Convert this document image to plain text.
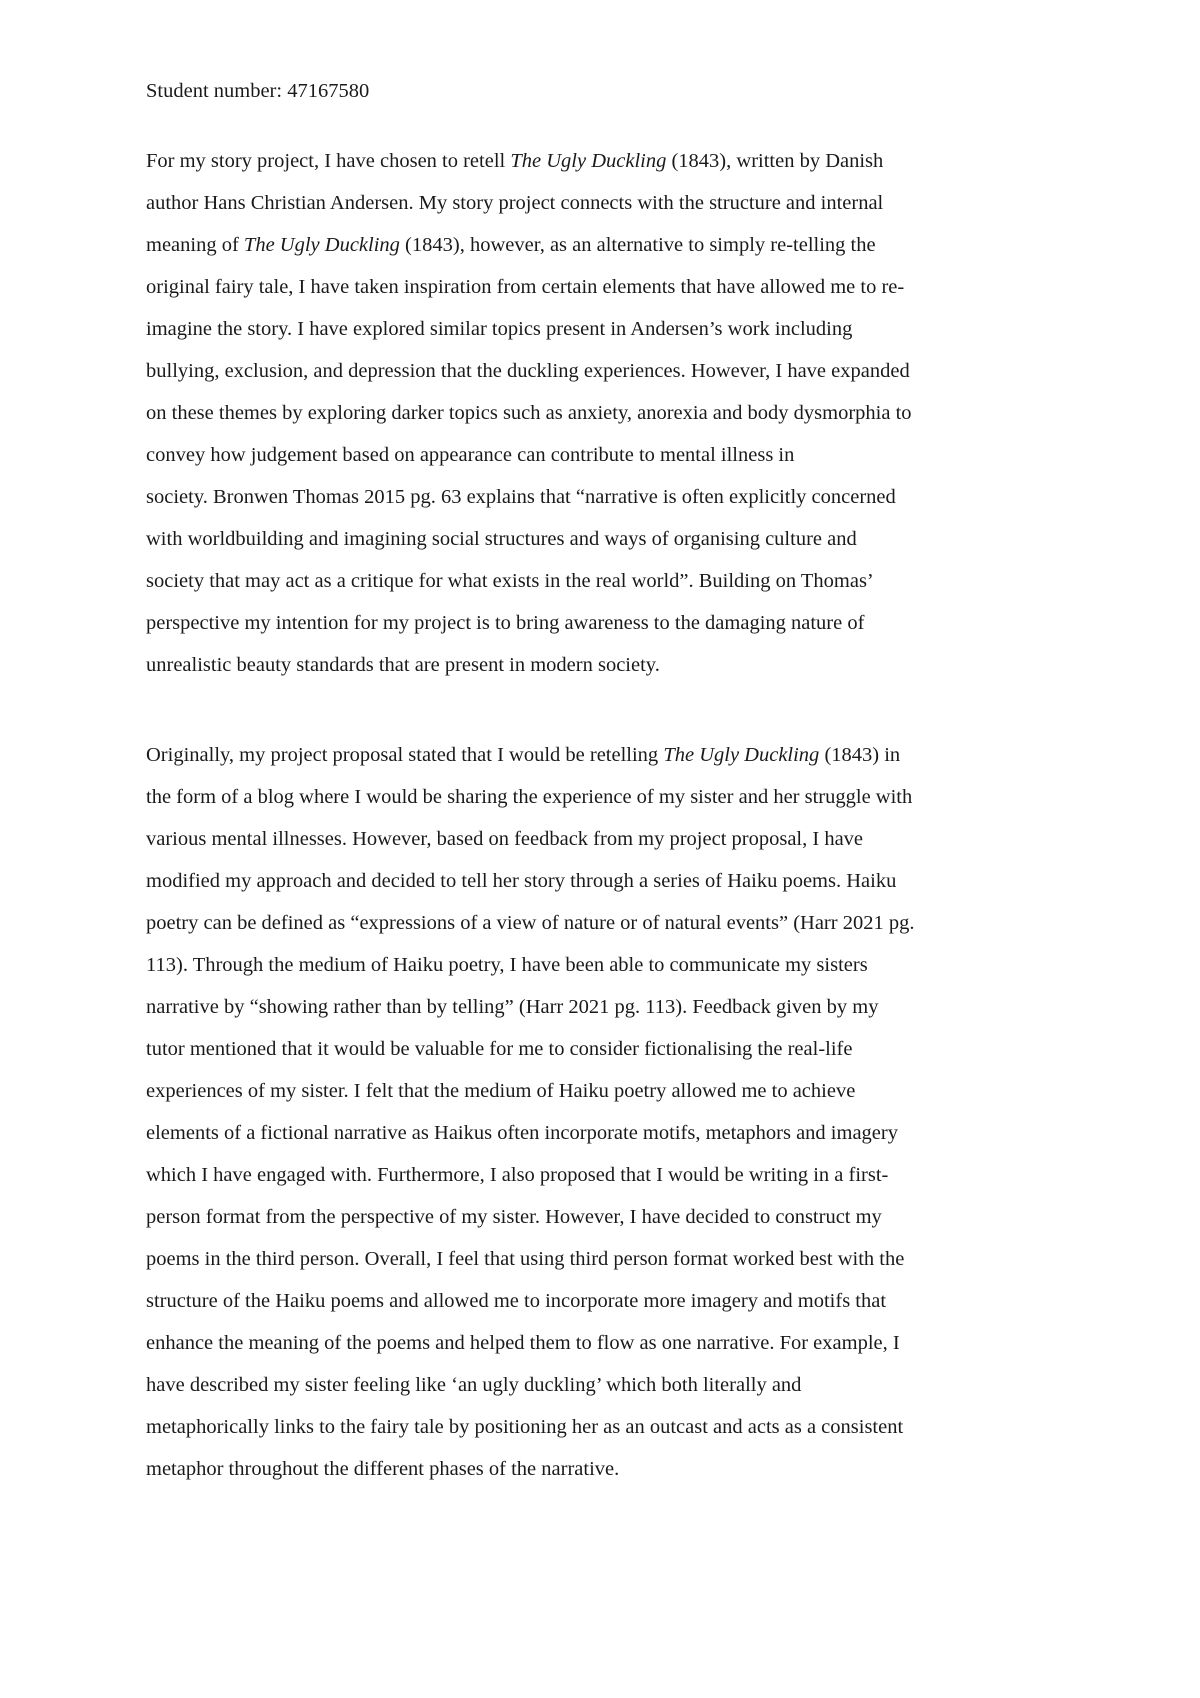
Student number: 47167580
For my story project, I have chosen to retell The Ugly Duckling (1843), written by Danish
author Hans Christian Andersen. My story project connects with the structure and internal
meaning of The Ugly Duckling (1843), however, as an alternative to simply re-telling the
original fairy tale, I have taken inspiration from certain elements that have allowed me to re-
imagine the story. I have explored similar topics present in Andersen’s work including
bullying, exclusion, and depression that the duckling experiences. However, I have expanded
on these themes by exploring darker topics such as anxiety, anorexia and body dysmorphia to
convey how judgement based on appearance can contribute to mental illness in
society. Bronwen Thomas 2015 pg. 63 explains that “narrative is often explicitly concerned
with worldbuilding and imagining social structures and ways of organising culture and
society that may act as a critique for what exists in the real world”. Building on Thomas’
perspective my intention for my project is to bring awareness to the damaging nature of
unrealistic beauty standards that are present in modern society.
Originally, my project proposal stated that I would be retelling The Ugly Duckling (1843) in
the form of a blog where I would be sharing the experience of my sister and her struggle with
various mental illnesses. However, based on feedback from my project proposal, I have
modified my approach and decided to tell her story through a series of Haiku poems. Haiku
poetry can be defined as “expressions of a view of nature or of natural events” (Harr 2021 pg.
113). Through the medium of Haiku poetry, I have been able to communicate my sisters
narrative by “showing rather than by telling” (Harr 2021 pg. 113). Feedback given by my
tutor mentioned that it would be valuable for me to consider fictionalising the real-life
experiences of my sister. I felt that the medium of Haiku poetry allowed me to achieve
elements of a fictional narrative as Haikus often incorporate motifs, metaphors and imagery
which I have engaged with. Furthermore, I also proposed that I would be writing in a first-
person format from the perspective of my sister. However, I have decided to construct my
poems in the third person. Overall, I feel that using third person format worked best with the
structure of the Haiku poems and allowed me to incorporate more imagery and motifs that
enhance the meaning of the poems and helped them to flow as one narrative. For example, I
have described my sister feeling like ‘an ugly duckling’ which both literally and
metaphorically links to the fairy tale by positioning her as an outcast and acts as a consistent
metaphor throughout the different phases of the narrative.
